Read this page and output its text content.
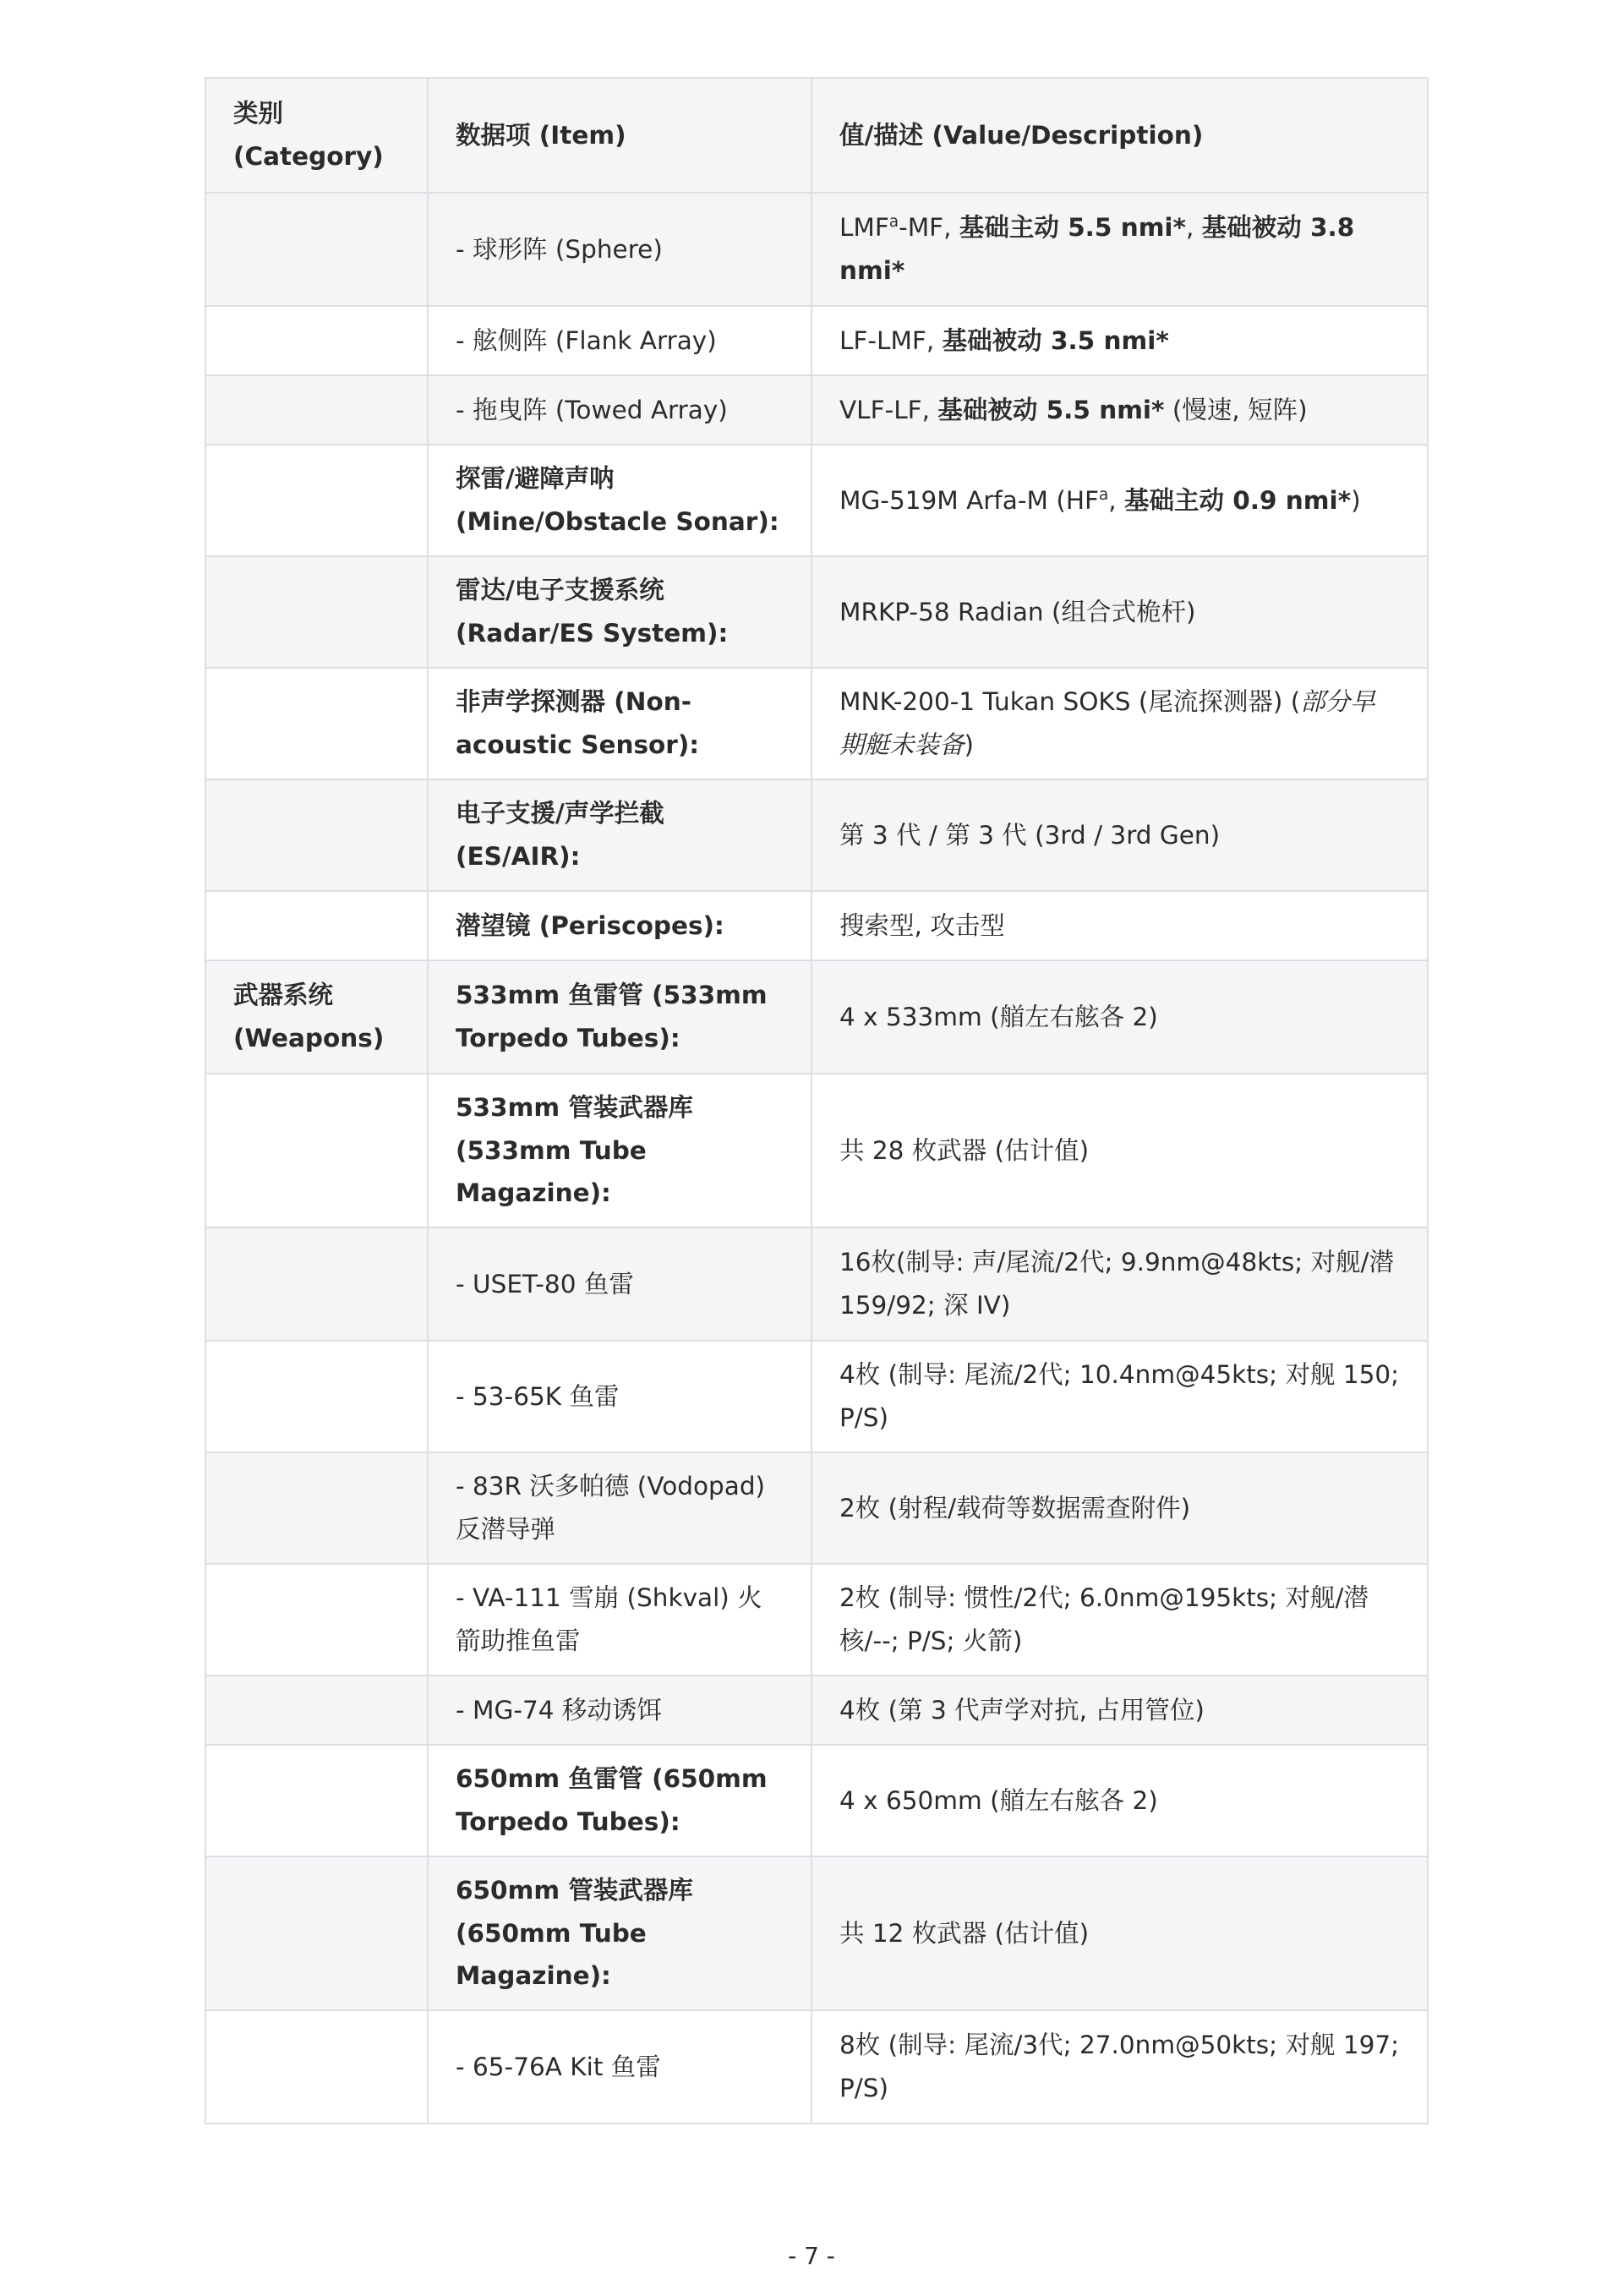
类别 (Category)	数据项 (Item)	值/描述 (Value/Description)
	- 球形阵 (Sphere)	LMF$^a$-MF, 基础主动 5.5 nmi*, 基础被动 3.8 nmi*
	- 舷侧阵 (Flank Array)	LF-LMF, 基础被动 3.5 nmi*
	- 拖曳阵 (Towed Array)	VLF-LF, 基础被动 5.5 nmi* (慢速, 短阵)
	探雷/避障声呐 (Mine/Obstacle Sonar):	MG-519M Arfa-M ($HF^a$, 基础主动 0.9 nmi*)
	雷达/电子支援系统 (Radar/ES System):	MRKP-58 Radian (组合式桅杆)
	非声学探测器 (Non-acoustic Sensor):	MNK-200-1 Tukan SOKS (尾流探测器) (部分早期艇未装备)
	电子支援/声学拦截 (ES/AIR):	第 3 代 / 第 3 代 (3rd / 3rd Gen)
	潜望镜 (Periscopes):	搜索型, 攻击型
武器系统 (Weapons)	533mm 鱼雷管 (533mm Torpedo Tubes):	4 x 533mm (艏左右舷各 2)
	533mm 管装武器库 (533mm Tube Magazine):	共 28 枚武器 (估计值)
	- USET-80 鱼雷	16枚(制导: 声/尾流/2代; 9.9nm@48kts; 对舰/潜 159/92; 深 IV)
	- 53-65K 鱼雷	4枚 (制导: 尾流/2代; 10.4nm@45kts; 对舰 150; P/S)
	- 83R 沃多帕德 (Vodopad) 反潜导弹	2枚 (射程/载荷等数据需查附件)
	- VA-111 雪崩 (Shkval) 火箭助推鱼雷	2枚 (制导: 惯性/2代; 6.0nm@195kts; 对舰/潜 核/--; P/S; 火箭)
	- MG-74 移动诱饵	4枚 (第 3 代声学对抗, 占用管位)
	650mm 鱼雷管 (650mm Torpedo Tubes):	4 x 650mm (艏左右舷各 2)
	650mm 管装武器库 (650mm Tube Magazine):	共 12 枚武器 (估计值)
	- 65-76A Kit 鱼雷	8枚 (制导: 尾流/3代; 27.0nm@50kts; 对舰 197; P/S)
- 7 -
